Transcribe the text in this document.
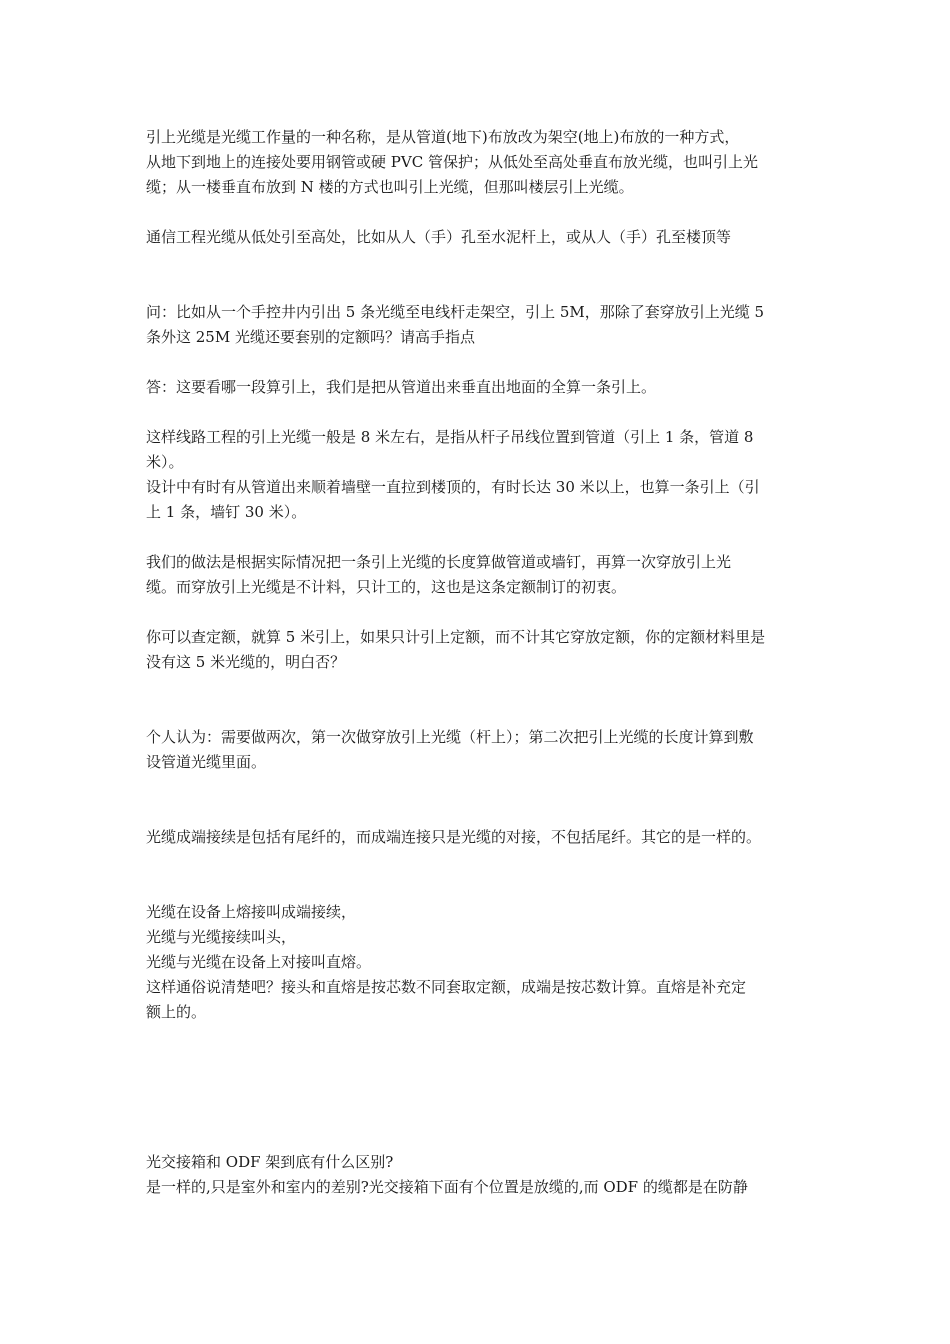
引上光缆是光缆工作量的一种名称，是从管道(地下)布放改为架空(地上)布放的一种方式，
从地下到地上的连接处要用钢管或硬 PVC 管保护；从低处至高处垂直布放光缆，也叫引上光
缆；从一楼垂直布放到 N 楼的方式也叫引上光缆，但那叫楼层引上光缆。
通信工程光缆从低处引至高处，比如从人（手）孔至水泥杆上，或从人（手）孔至楼顶等
问：比如从一个手控井内引出 5 条光缆至电线杆走架空，引上 5M，那除了套穿放引上光缆 5
条外这 25M 光缆还要套别的定额吗？请高手指点
答：这要看哪一段算引上，我们是把从管道出来垂直出地面的全算一条引上。
这样线路工程的引上光缆一般是 8 米左右，是指从杆子吊线位置到管道（引上 1 条，管道 8
米）。
设计中有时有从管道出来顺着墙壁一直拉到楼顶的，有时长达 30 米以上，也算一条引上（引
上 1 条，墙钉 30 米）。
我们的做法是根据实际情况把一条引上光缆的长度算做管道或墙钉，再算一次穿放引上光
缆。而穿放引上光缆是不计料，只计工的，这也是这条定额制订的初衷。
你可以查定额，就算 5 米引上，如果只计引上定额，而不计其它穿放定额，你的定额材料里是
没有这 5 米光缆的，明白否？
个人认为：需要做两次，第一次做穿放引上光缆（杆上）；第二次把引上光缆的长度计算到敷
设管道光缆里面。
光缆成端接续是包括有尾纤的，而成端连接只是光缆的对接，不包括尾纤。其它的是一样的。
光缆在设备上熔接叫成端接续，
光缆与光缆接续叫头，
光缆与光缆在设备上对接叫直熔。
这样通俗说清楚吧？接头和直熔是按芯数不同套取定额，成端是按芯数计算。直熔是补充定
额上的。
光交接箱和 ODF 架到底有什么区别?
是一样的,只是室外和室内的差别?光交接箱下面有个位置是放缆的,而 ODF 的缆都是在防静
